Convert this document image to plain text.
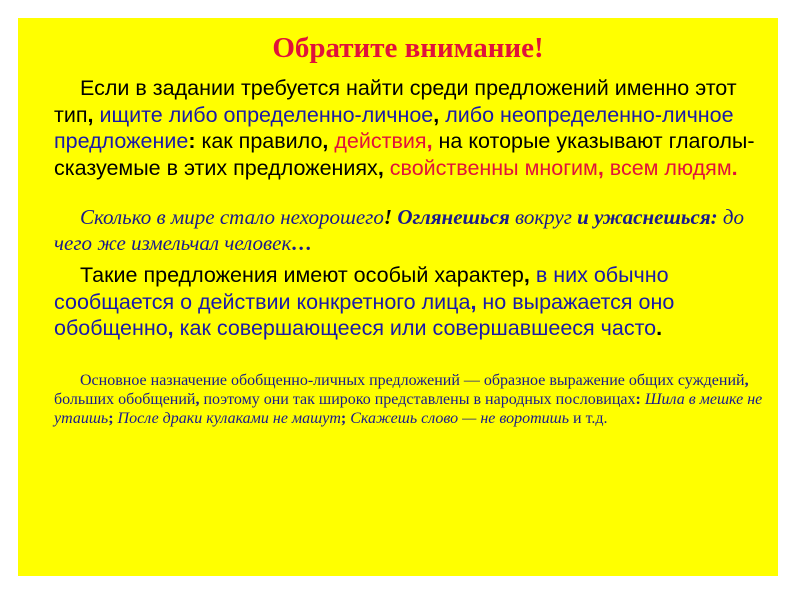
Обратите внимание!
Если в задании требуется найти среди предложений именно этот тип, ищите либо определенно-личное, либо неопределенно-личное предложение: как правило, действия, на которые указывают глаголы-сказуемые в этих предложениях, свойственны многим, всем людям.
Сколько в мире стало нехорошего! Оглянешься вокруг и ужаснешься: до чего же измельчал человек…
Такие предложения имеют особый характер, в них обычно сообщается о действии конкретного лица, но выражается оно обобщенно, как совершающееся или совершавшееся часто.
Основное назначение обобщенно-личных предложений — образное выражение общих суждений, больших обобщений, поэтому они так широко представлены в народных пословицах: Шила в мешке не утаишь; После драки кулаками не машут; Скажешь слово — не воротишь и т.д.
